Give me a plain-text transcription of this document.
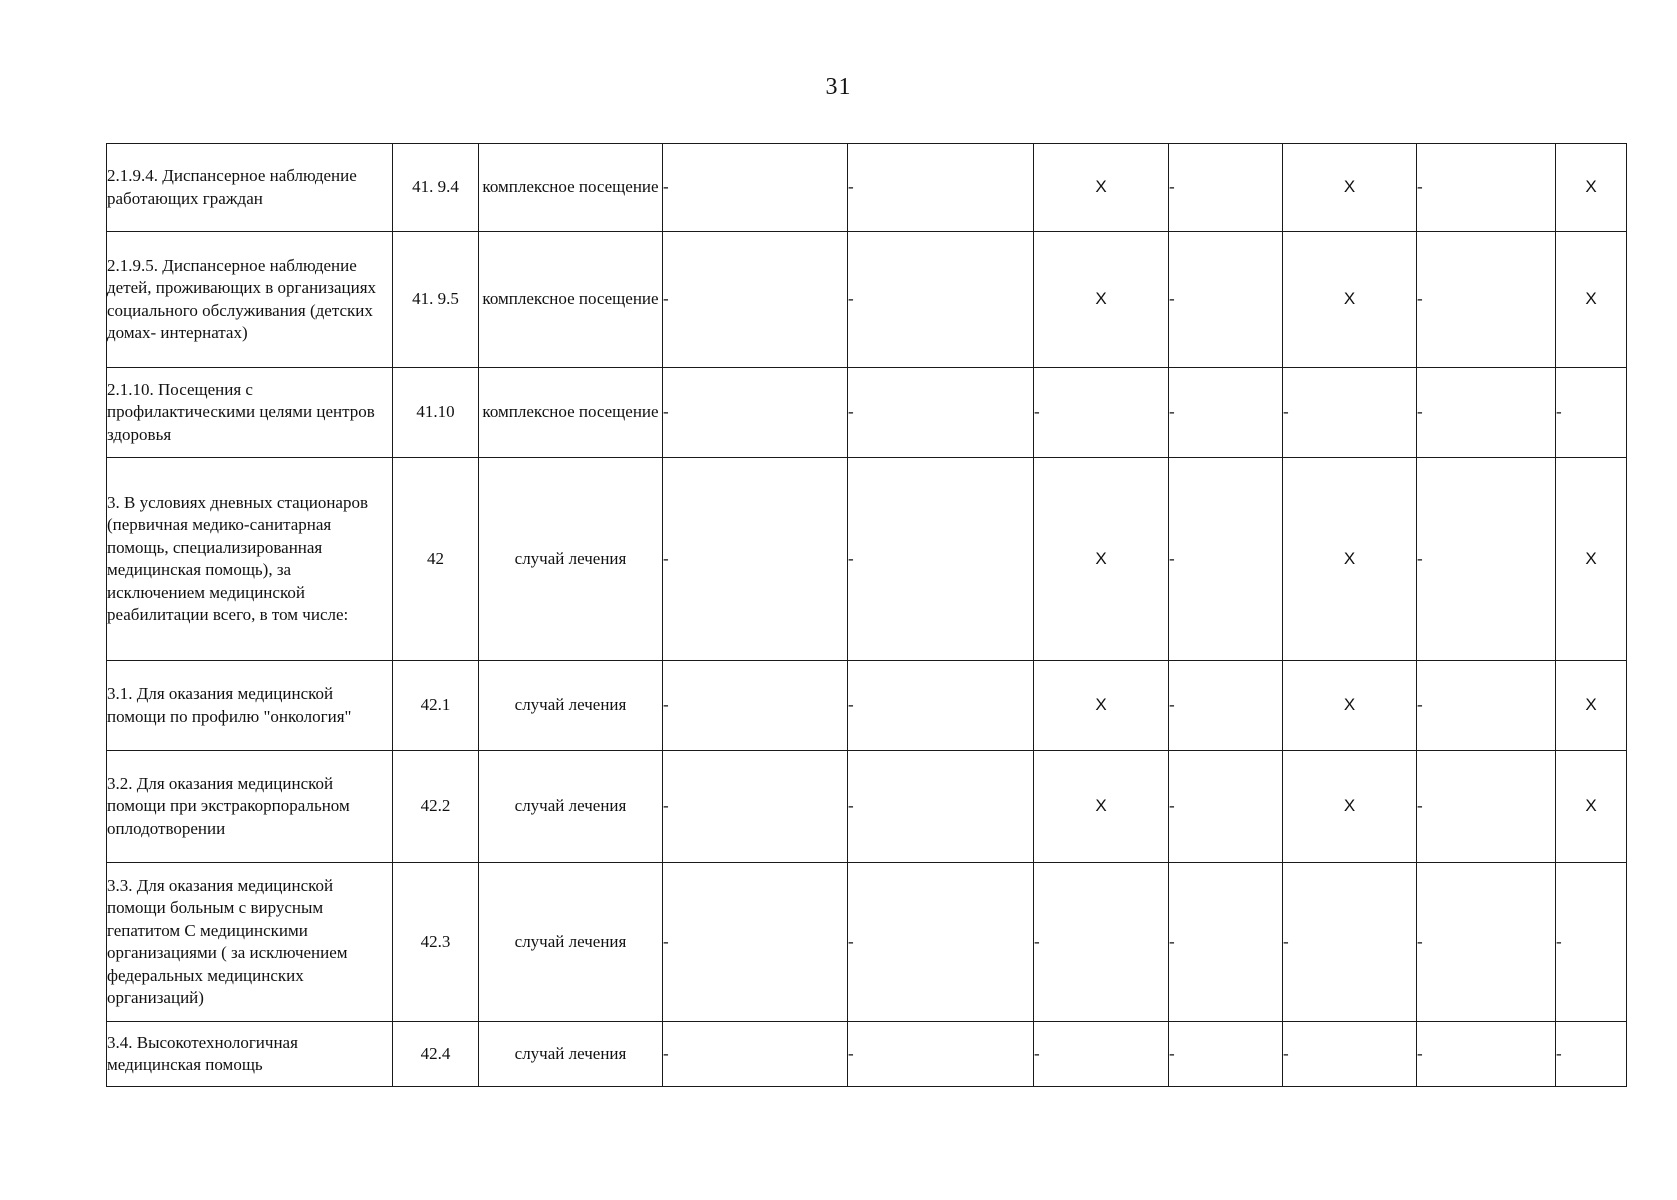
31
2.1.9.4. Диспансерное наблюдение работающих граждан	41. 9.4	комплексное посещение	-	-	X	-	X	-	X
2.1.9.5. Диспансерное наблюдение детей, проживающих в организациях социального обслуживания (детских домах- интернатах)	41. 9.5	комплексное посещение	-	-	X	-	X	-	X
2.1.10. Посещения с профилактическими целями центров здоровья	41.10	комплексное посещение	-	-	-	-	-	-	-
3. В условиях дневных стационаров (первичная медико-санитарная помощь, специализированная медицинская помощь), за исключением медицинской реабилитации всего, в том числе:	42	случай лечения	-	-	X	-	X	-	X
3.1. Для оказания медицинской помощи по профилю "онкология"	42.1	случай лечения	-	-	X	-	X	-	X
3.2. Для оказания медицинской помощи при экстракорпоральном оплодотворении	42.2	случай лечения	-	-	X	-	X	-	X
3.3. Для оказания медицинской помощи больным с вирусным гепатитом С медицинскими организациями ( за исключением федеральных медицинских организаций)	42.3	случай лечения	-	-	-	-	-	-	-
3.4. Высокотехнологичная медицинская помощь	42.4	случай лечения	-	-	-	-	-	-	-
